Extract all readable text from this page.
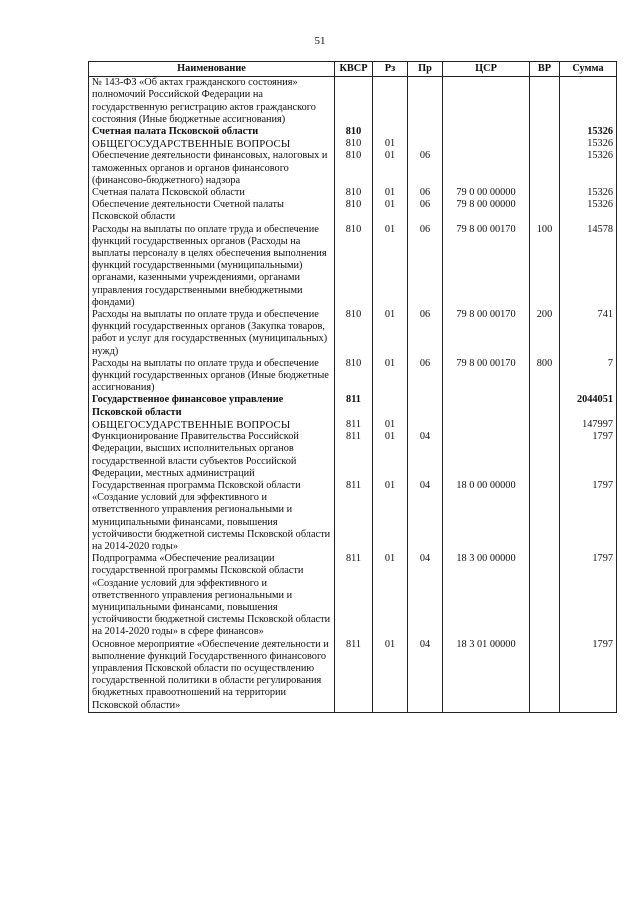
51
Наименование	КВСР	Рз	Пр	ЦСР	ВР	Сумма
№ 143-ФЗ «Об актах гражданского состояния» полномочий Российской Федерации на государственную регистрацию актов гражданского состояния (Иные бюджетные ассигнования)						
Счетная палата Псковской области	810					15326
ОБЩЕГОСУДАРСТВЕННЫЕ ВОПРОСЫ	810	01				15326
Обеспечение деятельности финансовых, налоговых и таможенных органов и органов финансового (финансово-бюджетного) надзора	810	01	06			15326
Счетная палата Псковской области	810	01	06	79 0 00 00000		15326
Обеспечение деятельности Счетной палаты Псковской области	810	01	06	79 8 00 00000		15326
Расходы на выплаты по оплате труда и обеспечение функций государственных органов (Расходы на выплаты персоналу в целях обеспечения выполнения функций государственными (муниципальными) органами, казенными учреждениями, органами управления государственными внебюджетными фондами)	810	01	06	79 8 00 00170	100	14578
Расходы на выплаты по оплате труда и обеспечение функций государственных органов (Закупка товаров, работ и услуг для государственных (муниципальных) нужд)	810	01	06	79 8 00 00170	200	741
Расходы на выплаты по оплате труда и обеспечение функций государственных органов (Иные бюджетные ассигнования)	810	01	06	79 8 00 00170	800	7
Государственное финансовое управление Псковской области	811					2044051
ОБЩЕГОСУДАРСТВЕННЫЕ ВОПРОСЫ	811	01				147997
Функционирование Правительства Российской Федерации, высших исполнительных органов государственной власти субъектов Российской Федерации, местных администраций	811	01	04			1797
Государственная программа Псковской области «Создание условий для эффективного и ответственного управления региональными и муниципальными финансами, повышения устойчивости бюджетной системы Псковской области на 2014-2020 годы»	811	01	04	18 0 00 00000		1797
Подпрограмма «Обеспечение реализации государственной программы Псковской области «Создание условий для эффективного и ответственного управления региональными и муниципальными финансами, повышения устойчивости бюджетной системы Псковской области на 2014-2020 годы» в сфере финансов»	811	01	04	18 3 00 00000		1797
Основное мероприятие «Обеспечение деятельности и выполнение функций Государственного финансового управления Псковской области по осуществлению государственной политики в области регулирования бюджетных правоотношений на территории Псковской области»	811	01	04	18 3 01 00000		1797
